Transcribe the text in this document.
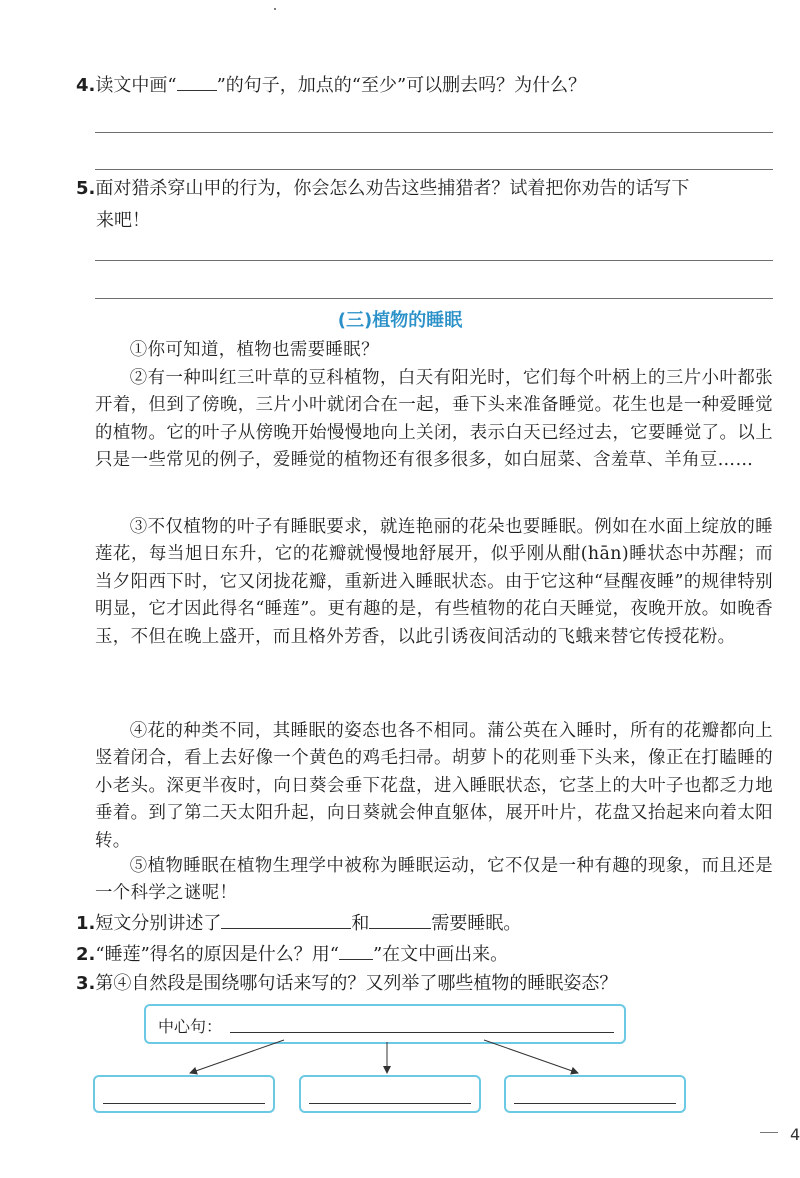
4.读文中画“ ”的句子，加点的“至少”可以删去吗？为什么？
5.面对猎杀穿山甲的行为，你会怎么劝告这些捕猎者？试着把你劝告的话写下
来吧！
(三)植物的睡眠
①你可知道，植物也需要睡眠？
②有一种叫红三叶草的豆科植物，白天有阳光时，它们每个叶柄上的三片小叶都张开着，但到了傍晚，三片小叶就闭合在一起，垂下头来准备睡觉。花生也是一种爱睡觉的植物。它的叶子从傍晚开始慢慢地向上关闭，表示白天已经过去，它要睡觉了。以上只是一些常见的例子，爱睡觉的植物还有很多很多，如白屈菜、含羞草、羊角豆……
③不仅植物的叶子有睡眠要求，就连艳丽的花朵也要睡眠。例如在水面上绽放的睡莲花，每当旭日东升，它的花瓣就慢慢地舒展开，似乎刚从酣(hān)睡状态中苏醒；而当夕阳西下时，它又闭拢花瓣，重新进入睡眠状态。由于它这种“昼醒夜睡”的规律特别明显，它才因此得名“睡莲”。更有趣的是，有些植物的花白天睡觉，夜晚开放。如晚香玉，不但在晚上盛开，而且格外芳香，以此引诱夜间活动的飞蛾来替它传授花粉。
④花的种类不同，其睡眠的姿态也各不相同。蒲公英在入睡时，所有的花瓣都向上竖着闭合，看上去好像一个黄色的鸡毛扫帚。胡萝卜的花则垂下头来，像正在打瞌睡的小老头。深更半夜时，向日葵会垂下花盘，进入睡眠状态，它茎上的大叶子也都乏力地垂着。到了第二天太阳升起，向日葵就会伸直躯体，展开叶片，花盘又抬起来向着太阳转。
⑤植物睡眠在植物生理学中被称为睡眠运动，它不仅是一种有趣的现象，而且还是一个科学之谜呢！
1.短文分别讲述了	和	需要睡眠。
2.“睡莲”得名的原因是什么？用“ ”在文中画出来。
3.第④自然段是围绕哪句话来写的？又列举了哪些植物的睡眠姿态？
中心句：
4
